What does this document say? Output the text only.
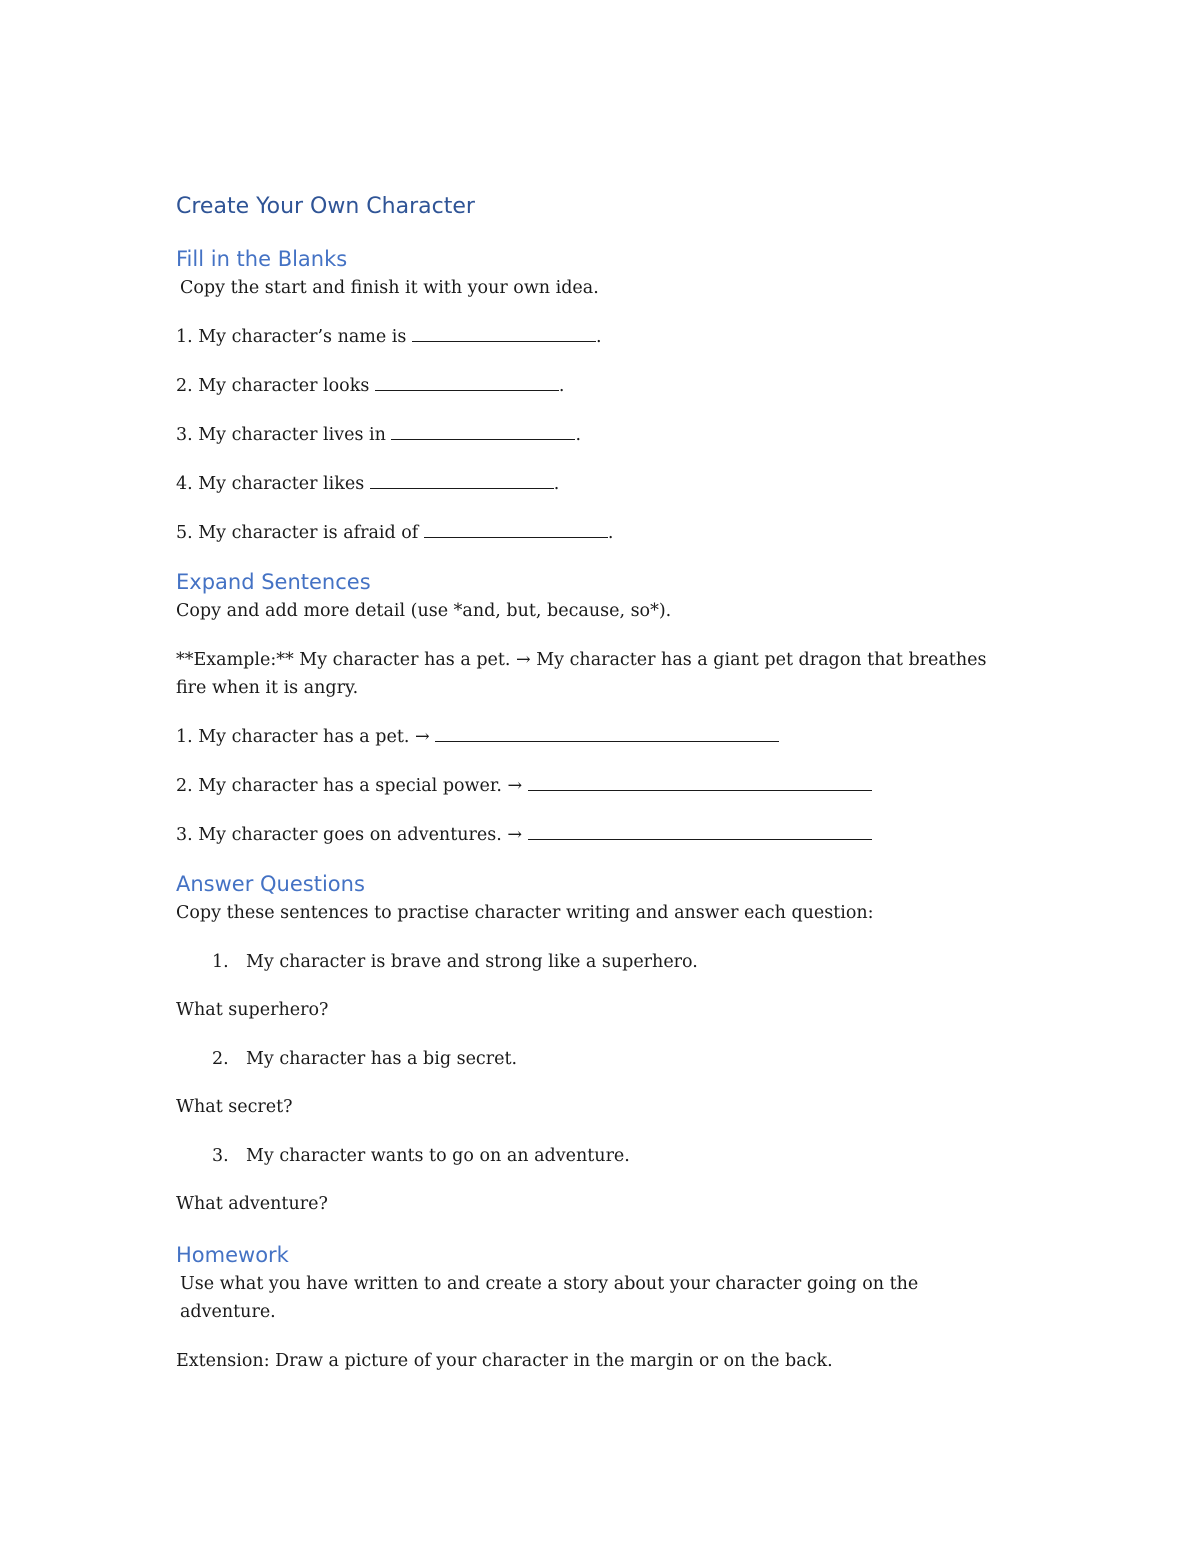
Create Your Own Character
Fill in the Blanks

Copy the start and finish it with your own idea.

1. My character’s name is	.

2. My character looks	.

3. My character lives in	.

4. My character likes	.

5. My character is afraid of	.

Expand Sentences

Copy and add more detail (use *and, but, because, so*).

**Example:** My character has a pet. → My character has a giant pet dragon that breathes fire when it is angry.

1. My character has a pet. →

2. My character has a special power. →

3. My character goes on adventures. →

Answer Questions

Copy these sentences to practise character writing and answer each question:

1. My character is brave and strong like a superhero.

What superhero?

2. My character has a big secret.

What secret?

3. My character wants to go on an adventure.

What adventure?

Homework

Use what you have written to and create a story about your character going on the adventure.

Extension: Draw a picture of your character in the margin or on the back.
